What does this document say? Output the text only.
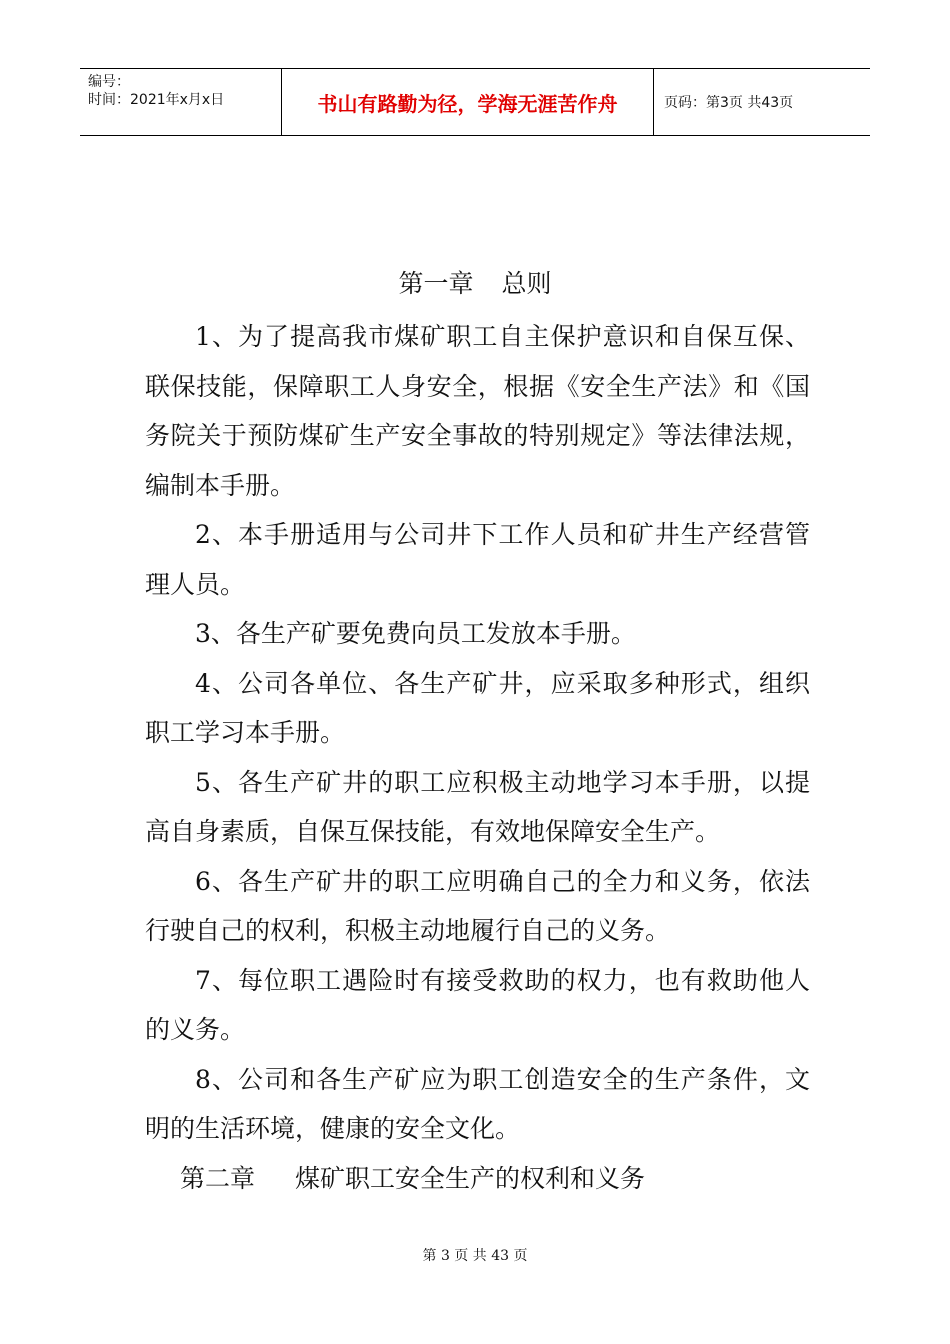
编号：
时间：2021年x月x日	书山有路勤为径，学海无涯苦作舟	页码：第3页 共43页
第一章 总则

1、为了提高我市煤矿职工自主保护意识和自保互保、联保技能，保障职工人身安全，根据《安全生产法》和《国务院关于预防煤矿生产安全事故的特别规定》等法律法规，编制本手册。

2、本手册适用与公司井下工作人员和矿井生产经营管理人员。

3、各生产矿要免费向员工发放本手册。

4、公司各单位、各生产矿井，应采取多种形式，组织职工学习本手册。

5、各生产矿井的职工应积极主动地学习本手册，以提高自身素质，自保互保技能，有效地保障安全生产。

6、各生产矿井的职工应明确自己的全力和义务，依法行驶自己的权利，积极主动地履行自己的义务。

7、每位职工遇险时有接受救助的权力，也有救助他人的义务。

8、公司和各生产矿应为职工创造安全的生产条件，文明的生活环境，健康的安全文化。

第二章 煤矿职工安全生产的权利和义务
第 3 页 共 43 页
